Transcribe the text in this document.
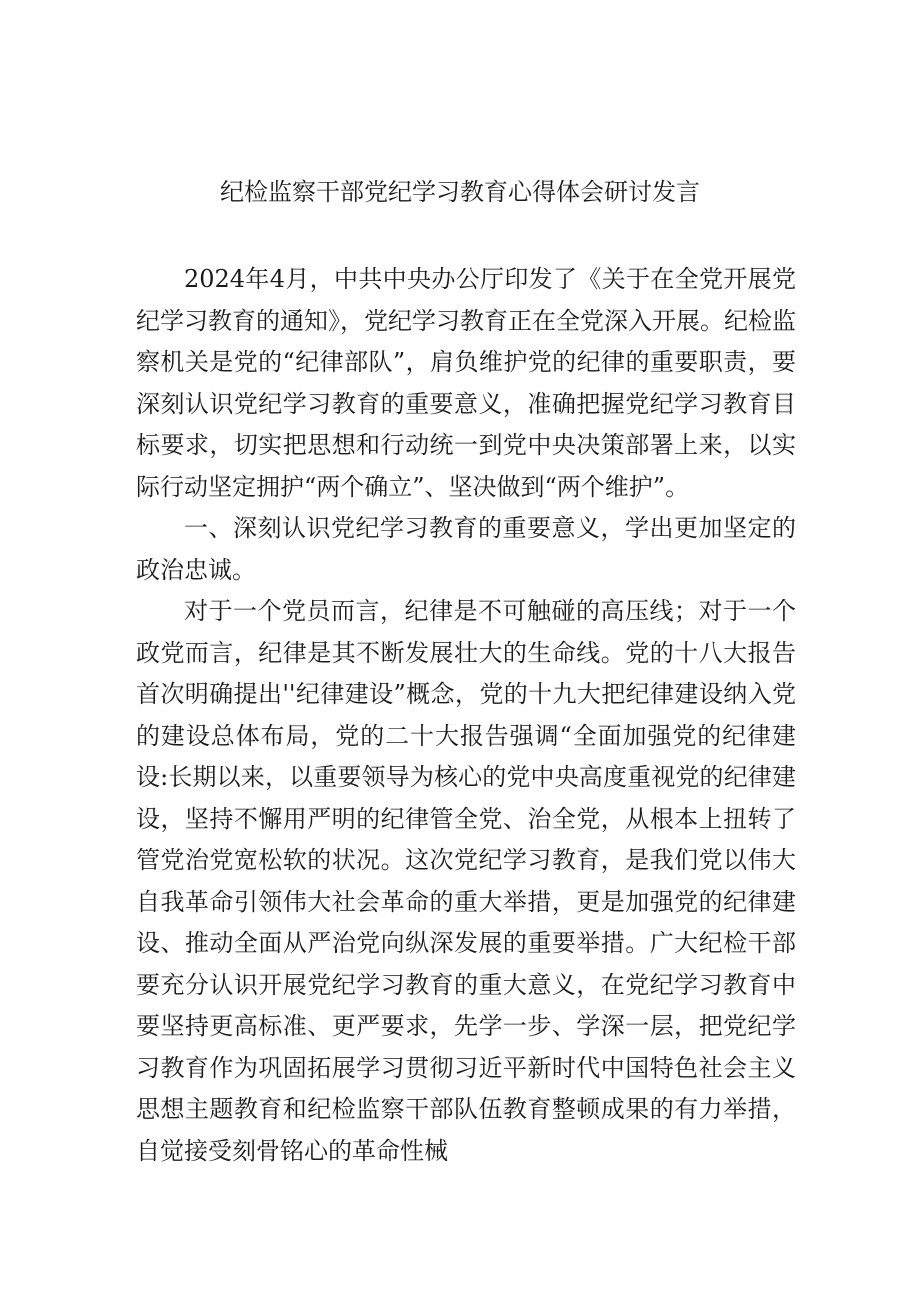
纪检监察干部党纪学习教育心得体会研讨发言

2024年4月，中共中央办公厅印发了《关于在全党开展党纪学习教育的通知》，党纪学习教育正在全党深入开展。纪检监察机关是党的“纪律部队”，肩负维护党的纪律的重要职责，要深刻认识党纪学习教育的重要意义，准确把握党纪学习教育目标要求，切实把思想和行动统一到党中央决策部署上来，以实际行动坚定拥护“两个确立”、坚决做到“两个维护”。

一、深刻认识党纪学习教育的重要意义，学出更加坚定的政治忠诚。

对于一个党员而言，纪律是不可触碰的高压线；对于一个政党而言，纪律是其不断发展壮大的生命线。党的十八大报告首次明确提出''纪律建设”概念，党的十九大把纪律建设纳入党的建设总体布局，党的二十大报告强调“全面加强党的纪律建设:长期以来，以重要领导为核心的党中央高度重视党的纪律建设，坚持不懈用严明的纪律管全党、治全党，从根本上扭转了管党治党宽松软的状况。这次党纪学习教育，是我们党以伟大自我革命引领伟大社会革命的重大举措，更是加强党的纪律建设、推动全面从严治党向纵深发展的重要举措。广大纪检干部要充分认识开展党纪学习教育的重大意义，在党纪学习教育中要坚持更高标准、更严要求，先学一步、学深一层，把党纪学习教育作为巩固拓展学习贯彻习近平新时代中国特色社会主义思想主题教育和纪检监察干部队伍教育整顿成果的有力举措，自觉接受刻骨铭心的革命性械
